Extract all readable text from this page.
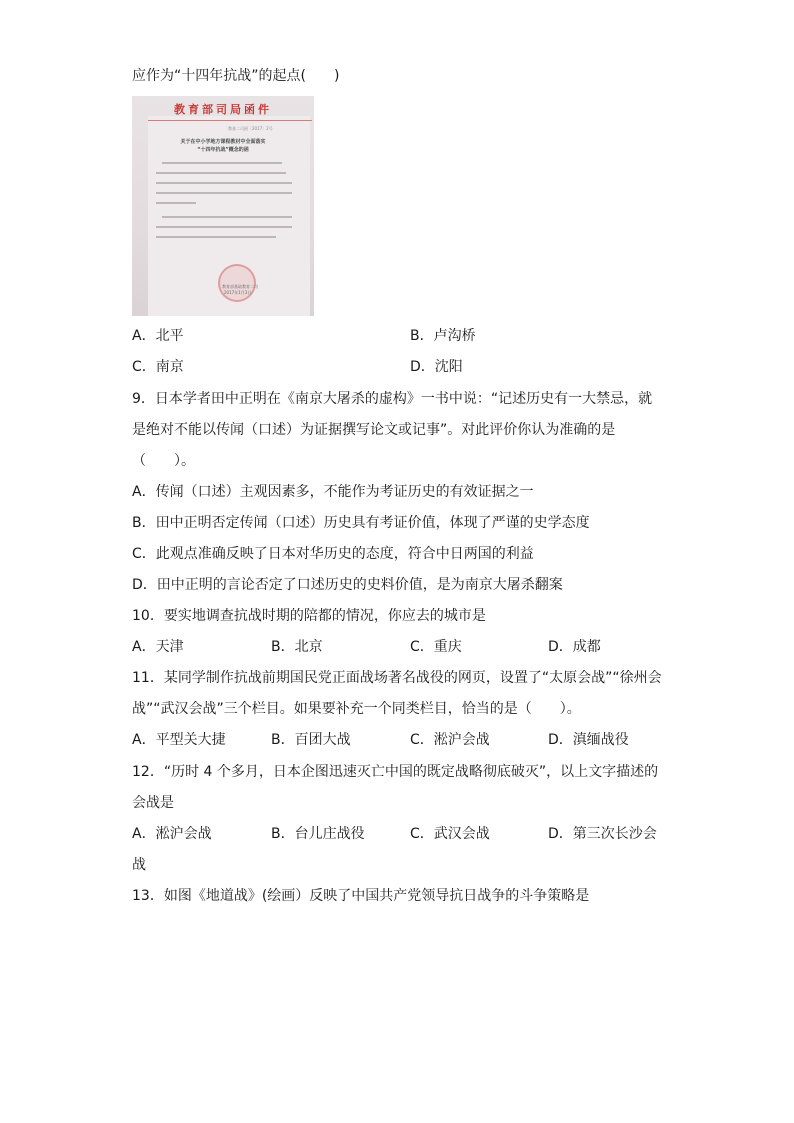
应作为“十四年抗战”的起点(　　)
教育部司局函件
教基二司函〔2017〕2号
关于在中小学地方课程教材中全面落实
“十四年抗战”概念的函
教育部基础教育二司
2017年1月3日
A．北平	B．卢沟桥
C．南京	D．沈阳
9．日本学者田中正明在《南京大屠杀的虚构》一书中说：“记述历史有一大禁忌，就
是绝对不能以传闻（口述）为证据撰写论文或记事”。对此评价你认为准确的是
（　　）。
A．传闻（口述）主观因素多，不能作为考证历史的有效证据之一
B．田中正明否定传闻（口述）历史具有考证价值，体现了严谨的史学态度
C．此观点准确反映了日本对华历史的态度，符合中日两国的利益
D．田中正明的言论否定了口述历史的史料价值，是为南京大屠杀翻案
10．要实地调查抗战时期的陪都的情况，你应去的城市是
A．天津	B．北京	C．重庆	D．成都
11．某同学制作抗战前期国民党正面战场著名战役的网页，设置了“太原会战”“徐州会
战”“武汉会战”三个栏目。如果要补充一个同类栏目，恰当的是（　　）。
A．平型关大捷	B．百团大战	C．淞沪会战	D．滇缅战役
12．“历时 4 个多月，日本企图迅速灭亡中国的既定战略彻底破灭”，以上文字描述的
会战是
A．淞沪会战	B．台儿庄战役	C．武汉会战	D．第三次长沙会
战
13．如图《地道战》(绘画）反映了中国共产党领导抗日战争的斗争策略是
